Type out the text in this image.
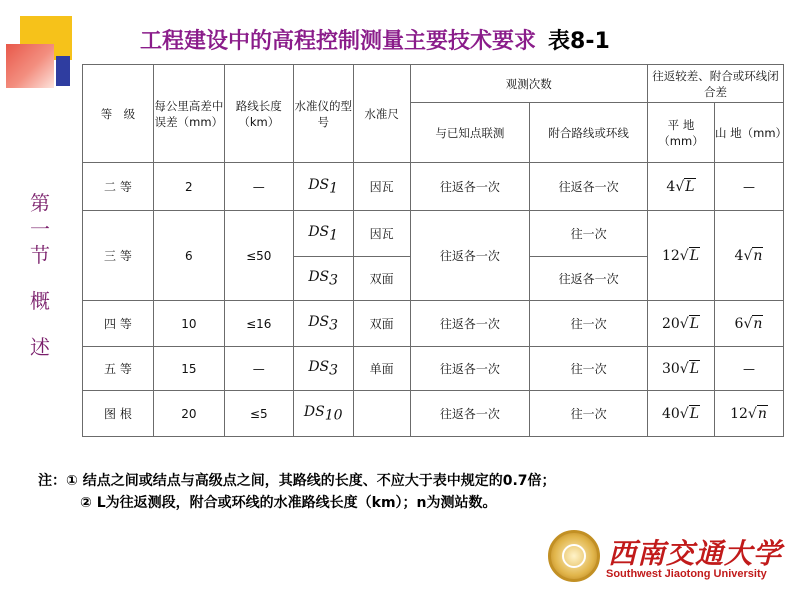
工程建设中的高程控制测量主要技术要求 表8-1
第
一
节
概
述
等　级	每公里高差中误差（mm）	路线长度（km）	水准仪的型号	水准尺	观测次数		往返较差、附合或环线闭合差	
					与已知点联测	附合路线或环线	平 地（mm）	山 地（mm）
二 等	2	—	$DS_1$	因瓦	往返各一次	往返各一次	4√L	—
三 等	6	≤50	$DS_1$	因瓦	往返各一次	往一次	12√L	4√n
			$DS_3$	双面		往返各一次		
四 等	10	≤16	$DS_3$	双面	往返各一次	往一次	20√L	6√n
五 等	15	—	$DS_3$	单面	往返各一次	往一次	30√L	—
图 根	20	≤5	$DS_{10}$		往返各一次	往一次	40√L	12√n
注：① 结点之间或结点与高级点之间，其路线的长度、不应大于表中规定的0.7倍；
② L为往返测段，附合或环线的水准路线长度（km）；n为测站数。
西南交通大学
Southwest Jiaotong University
